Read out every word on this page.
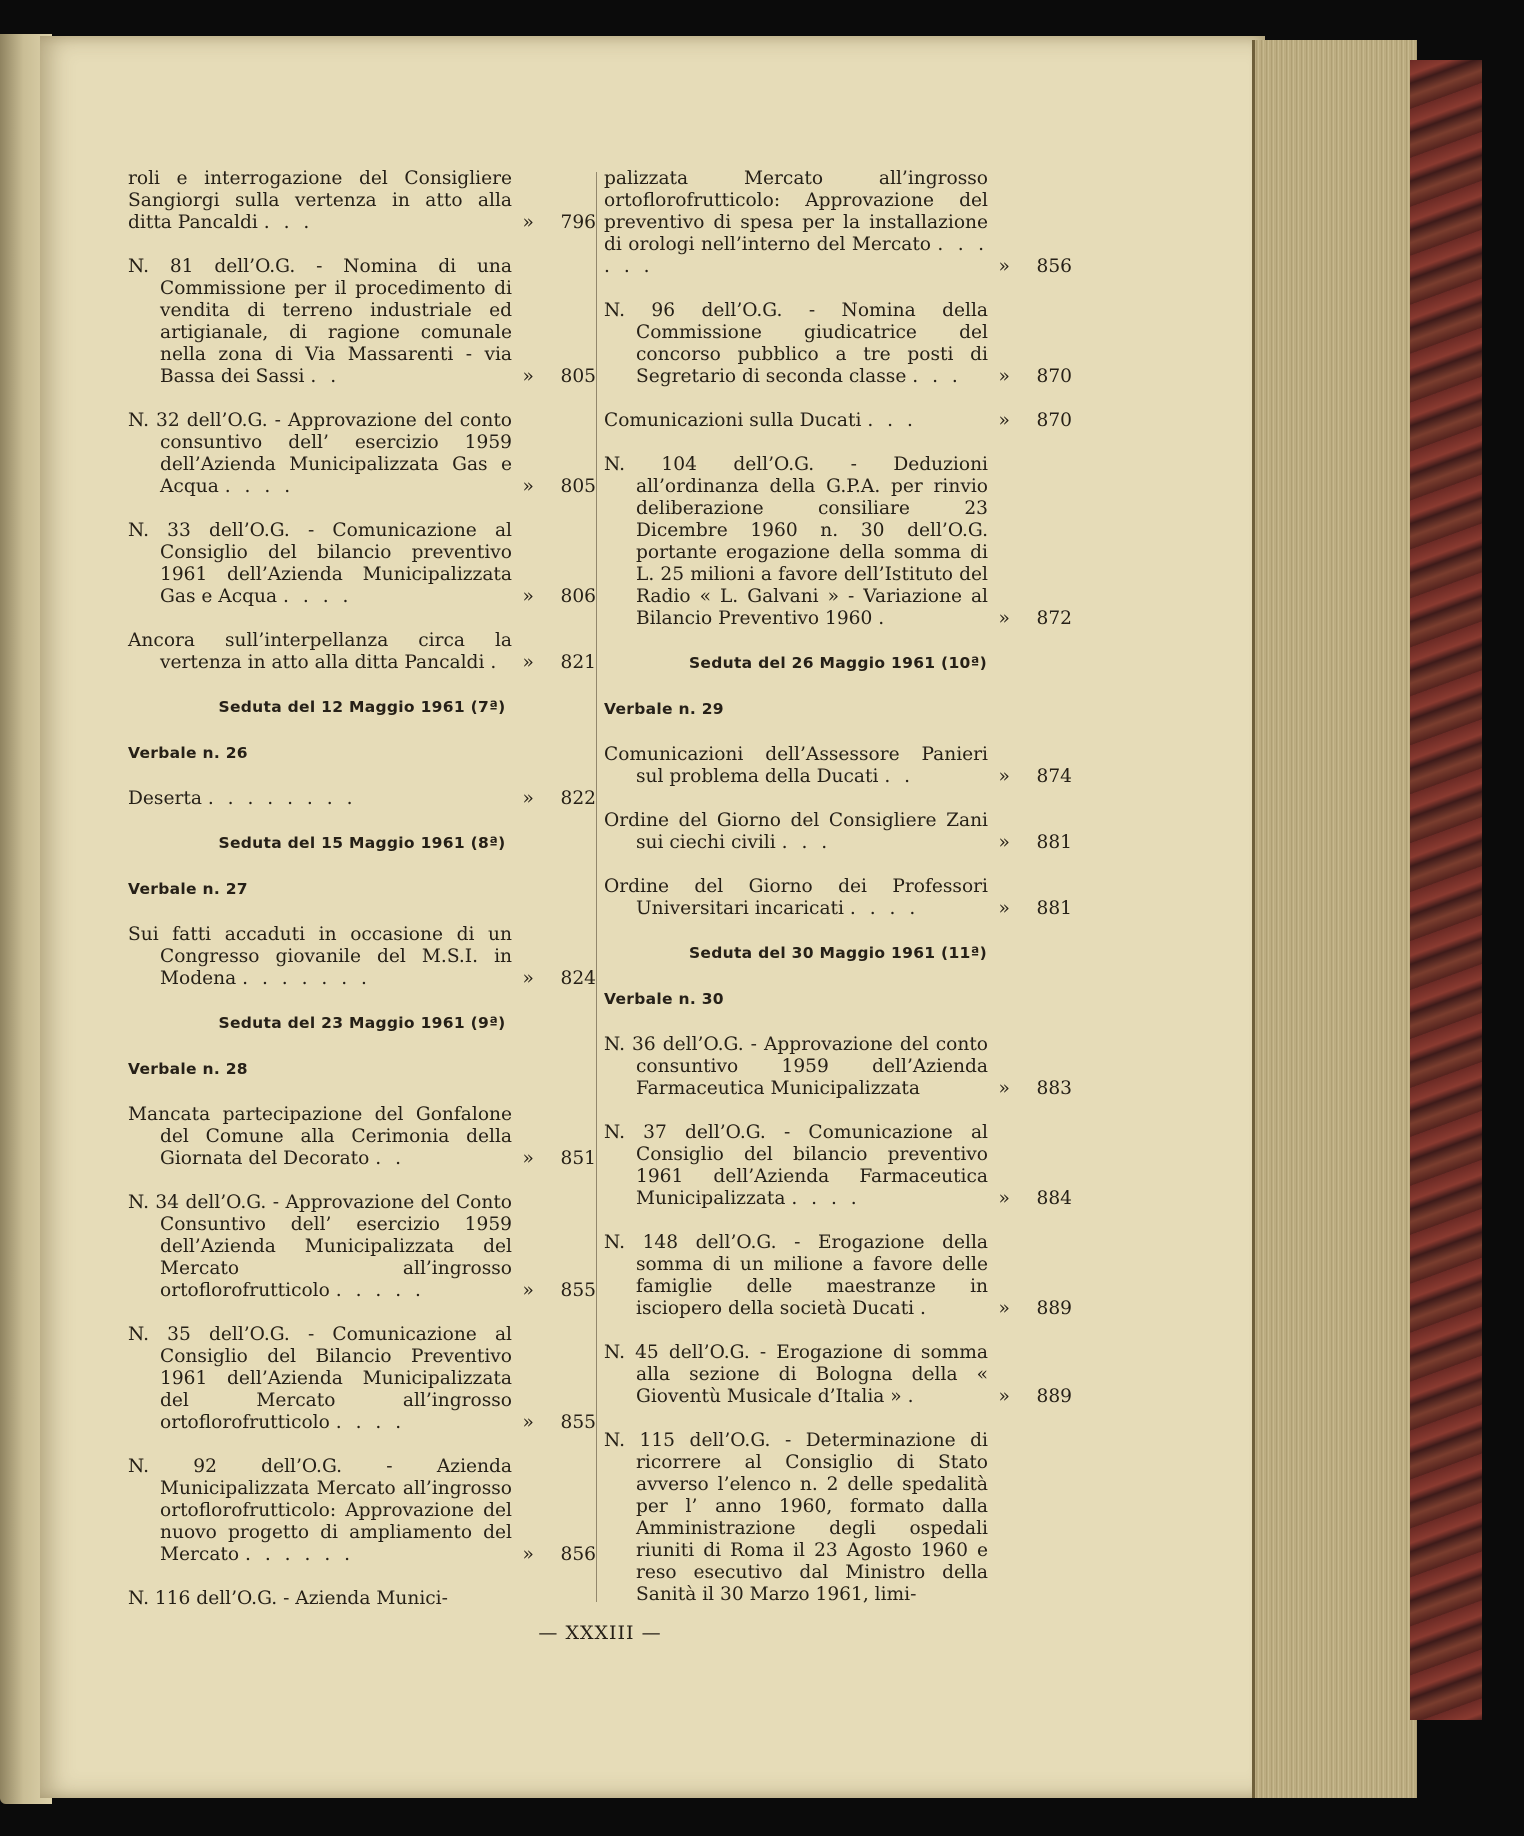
roli e interrogazione del Consigliere Sangiorgi sulla vertenza in atto alla ditta Pancaldi . . .	» 796
N. 81 dell’O.G. - Nomina di una Commissione per il procedimento di vendita di terreno industriale ed artigianale, di ragione comunale nella zona di Via Massarenti - via Bassa dei Sassi . .	» 805
N. 32 dell’O.G. - Approvazione del conto consuntivo dell’ esercizio 1959 dell’Azienda Municipalizzata Gas e Acqua . . . .	» 805
N. 33 dell’O.G. - Comunicazione al Consiglio del bilancio preventivo 1961 dell’Azienda Municipalizzata Gas e Acqua . . . .	» 806
Ancora sull’interpellanza circa la vertenza in atto alla ditta Pancaldi .	» 821
Seduta del 12 Maggio 1961 (7ª)
Verbale n. 26
Deserta . . . . . . . .	» 822
Seduta del 15 Maggio 1961 (8ª)
Verbale n. 27
Sui fatti accaduti in occasione di un Congresso giovanile del M.S.I. in Modena . . . . . . .	» 824
Seduta del 23 Maggio 1961 (9ª)
Verbale n. 28
Mancata partecipazione del Gonfalone del Comune alla Cerimonia della Giornata del Decorato . .	» 851
N. 34 dell’O.G. - Approvazione del Conto Consuntivo dell’ esercizio 1959 dell’Azienda Municipalizzata del Mercato all’ingrosso ortoflorofrutticolo . . . . .	» 855
N. 35 dell’O.G. - Comunicazione al Consiglio del Bilancio Preventivo 1961 dell’Azienda Municipalizzata del Mercato all’ingrosso ortoflorofrutticolo . . . .	» 855
N. 92 dell’O.G. - Azienda Municipalizzata Mercato all’ingrosso ortoflorofrutticolo: Approvazione del nuovo progetto di ampliamento del Mercato . . . . . .	» 856
N. 116 dell’O.G. - Azienda Munici-
palizzata Mercato all’ingrosso ortoflorofrutticolo: Approvazione del preventivo di spesa per la installazione di orologi nell’interno del Mercato . . . . . .	» 856
N. 96 dell’O.G. - Nomina della Commissione giudicatrice del concorso pubblico a tre posti di Segretario di seconda classe . . .	» 870
Comunicazioni sulla Ducati . . .	» 870
N. 104 dell’O.G. - Deduzioni all’ordinanza della G.P.A. per rinvio deliberazione consiliare 23 Dicembre 1960 n. 30 dell’O.G. portante erogazione della somma di L. 25 milioni a favore dell’Istituto del Radio « L. Galvani » - Variazione al Bilancio Preventivo 1960 .	» 872
Seduta del 26 Maggio 1961 (10ª)
Verbale n. 29
Comunicazioni dell’Assessore Panieri sul problema della Ducati . .	» 874
Ordine del Giorno del Consigliere Zani sui ciechi civili . . .	» 881
Ordine del Giorno dei Professori Universitari incaricati . . . .	» 881
Seduta del 30 Maggio 1961 (11ª)
Verbale n. 30
N. 36 dell’O.G. - Approvazione del conto consuntivo 1959 dell’Azienda Farmaceutica Municipalizzata	» 883
N. 37 dell’O.G. - Comunicazione al Consiglio del bilancio preventivo 1961 dell’Azienda Farmaceutica Municipalizzata . . . .	» 884
N. 148 dell’O.G. - Erogazione della somma di un milione a favore delle famiglie delle maestranze in isciopero della società Ducati .	» 889
N. 45 dell’O.G. - Erogazione di somma alla sezione di Bologna della « Gioventù Musicale d’Italia » .	» 889
N. 115 dell’O.G. - Determinazione di ricorrere al Consiglio di Stato avverso l’elenco n. 2 delle spedalità per l’ anno 1960, formato dalla Amministrazione degli ospedali riuniti di Roma il 23 Agosto 1960 e reso esecutivo dal Ministro della Sanità il 30 Marzo 1961, limi-
— XXXIII —
